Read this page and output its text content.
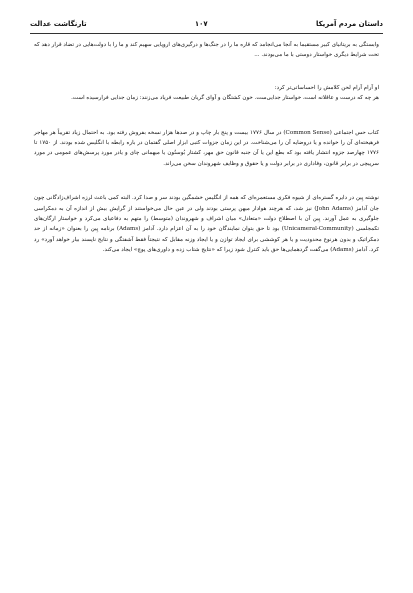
داستان مردم آمریکا
۱۰۷
تارنگاشت عدالت

وابستگی به بریتانیای کبیر مستقیما به آنجا می‌انجامد که قاره ما را در جنگ‌ها و درگیری‌های اروپایی سهیم کند و ما را با دولت‌هایی در تضاد قرار دهد که تحت شرایط دیگری خواستار دوستی با ما می‌بودند. ...

او آرام آرام لحن کلامش را احساساتی‌تر کرد:

هر چه که درست و عاقلانه است، خواستار جدایی‌ست. خون کشتگان و آوای گریان طبیعت فریاد می‌زنند: زمان جدایی فرارسیده است.

کتاب حس اجتماعی (Common Sense) در سال ۱۷۷۶ بیست و پنج بار چاپ و در صدها هزار نسخه بفروش رفته بود. به احتمال زیاد تقریباً هر مهاجر فرهیخته‌ای آن را خوانده و یا دروضایه آن را می‌شناخت. در این زمان جزوات کتبی ابزار اصلی گفتمان در باره رابطه با انگلیس شده بودند. از ۱۷۵۰ تا ۱۷۷۶ چهارصد جزوه انتشار یافته بود که بطع این یا آن جنبه قانون حق مهر، کشتار بُوستُون یا میهمانی چای و یادر مورد پرسش‌های عمومی در مورد سرپیچی در برابر قانون، وفاداری در برابر دولت و یا حقوق و وظایف شهروندان سخن می‌راند.

نوشته پِین در دایره گستره‌ای از شیوه فکری مستعمره‌ای که همه از انگلیس خشمگین بودند سر و صدا کرد. البته کمی باعث لرزه اشراف‌زادگانی چون جان آدامز (John Adams) نیز شد، که هرچند هوادار میهن پرستی بودند ولی در عین حال می‌خواستند از گرایش بیش از اندازه آن به دمکراسی جلوگیری به عمل آورند. پِین آن با اصطلاح دولت «متعادل» میان اشراف و شهروندان (متوسط) را متهم به دفاعیای می‌کرد و خواستار ارگان‌های تکمجلسی (Unicameral-Community) بود تا حق بتوان نمایندگان خود را به آن اعزام دارد. آدامز (Adams) برنامه پِین را بعنوان «زمانه از حد دمکراتیک و بدون هرنوع محدودیت و یا هر کوششی برای ایجاد توازن و یا ایجاد وزنه مقابل که نتیجتاً فقط آشفتگی و نتایج ناپسند بیار خواهد آورد» رد کرد. آدامز (Adams) می‌گفت گردهمایی‌ها حق باید کنترل شود زیرا که «نتایج شتاب زده و داوری‌های پوچ» ایجاد می‌کند.
